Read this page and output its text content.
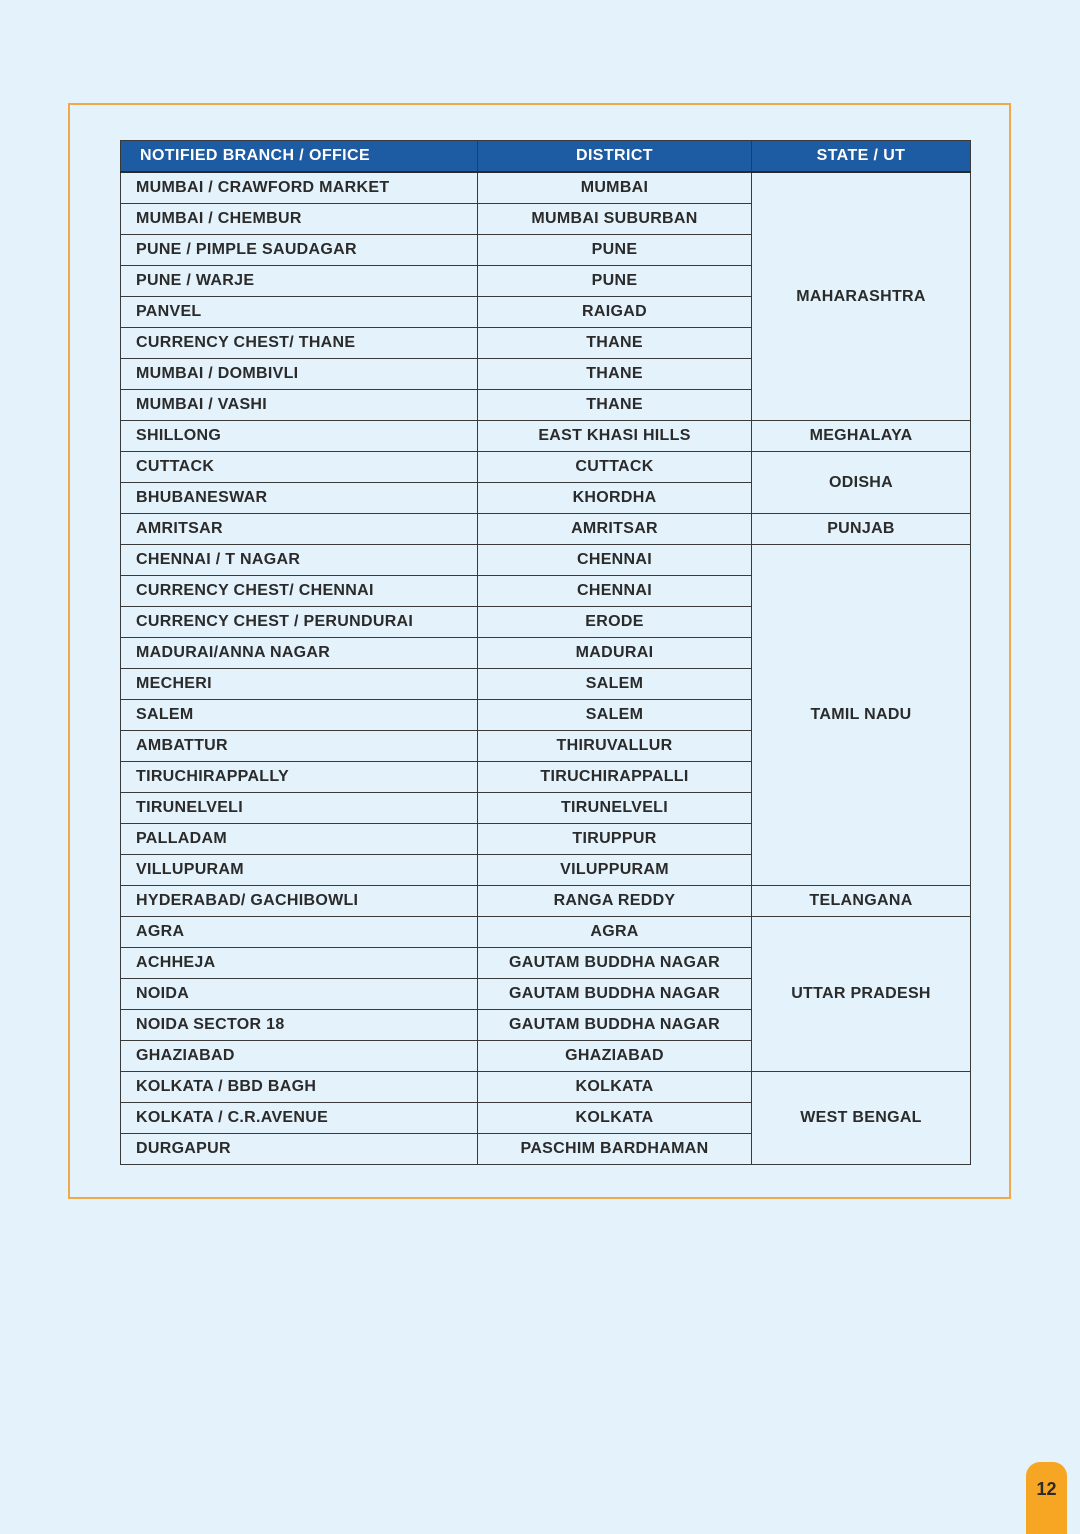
NOTIFIED BRANCH / OFFICE	DISTRICT	STATE / UT
MUMBAI / CRAWFORD MARKET	MUMBAI	MAHARASHTRA
MUMBAI / CHEMBUR	MUMBAI SUBURBAN	
PUNE / PIMPLE SAUDAGAR	PUNE	
PUNE / WARJE	PUNE	
PANVEL	RAIGAD	
CURRENCY CHEST/ THANE	THANE	
MUMBAI / DOMBIVLI	THANE	
MUMBAI / VASHI	THANE	
SHILLONG	EAST KHASI HILLS	MEGHALAYA
CUTTACK	CUTTACK	ODISHA
BHUBANESWAR	KHORDHA	
AMRITSAR	AMRITSAR	PUNJAB
CHENNAI / T NAGAR	CHENNAI	TAMIL NADU
CURRENCY CHEST/ CHENNAI	CHENNAI	
CURRENCY CHEST / PERUNDURAI	ERODE	
MADURAI/ANNA NAGAR	MADURAI	
MECHERI	SALEM	
SALEM	SALEM	
AMBATTUR	THIRUVALLUR	
TIRUCHIRAPPALLY	TIRUCHIRAPPALLI	
TIRUNELVELI	TIRUNELVELI	
PALLADAM	TIRUPPUR	
VILLUPURAM	VILUPPURAM	
HYDERABAD/ GACHIBOWLI	RANGA REDDY	TELANGANA
AGRA	AGRA	UTTAR PRADESH
ACHHEJA	GAUTAM BUDDHA NAGAR	
NOIDA	GAUTAM BUDDHA NAGAR	
NOIDA SECTOR 18	GAUTAM BUDDHA NAGAR	
GHAZIABAD	GHAZIABAD	
KOLKATA / BBD BAGH	KOLKATA	WEST BENGAL
KOLKATA / C.R.AVENUE	KOLKATA	
DURGAPUR	PASCHIM BARDHAMAN	
12
